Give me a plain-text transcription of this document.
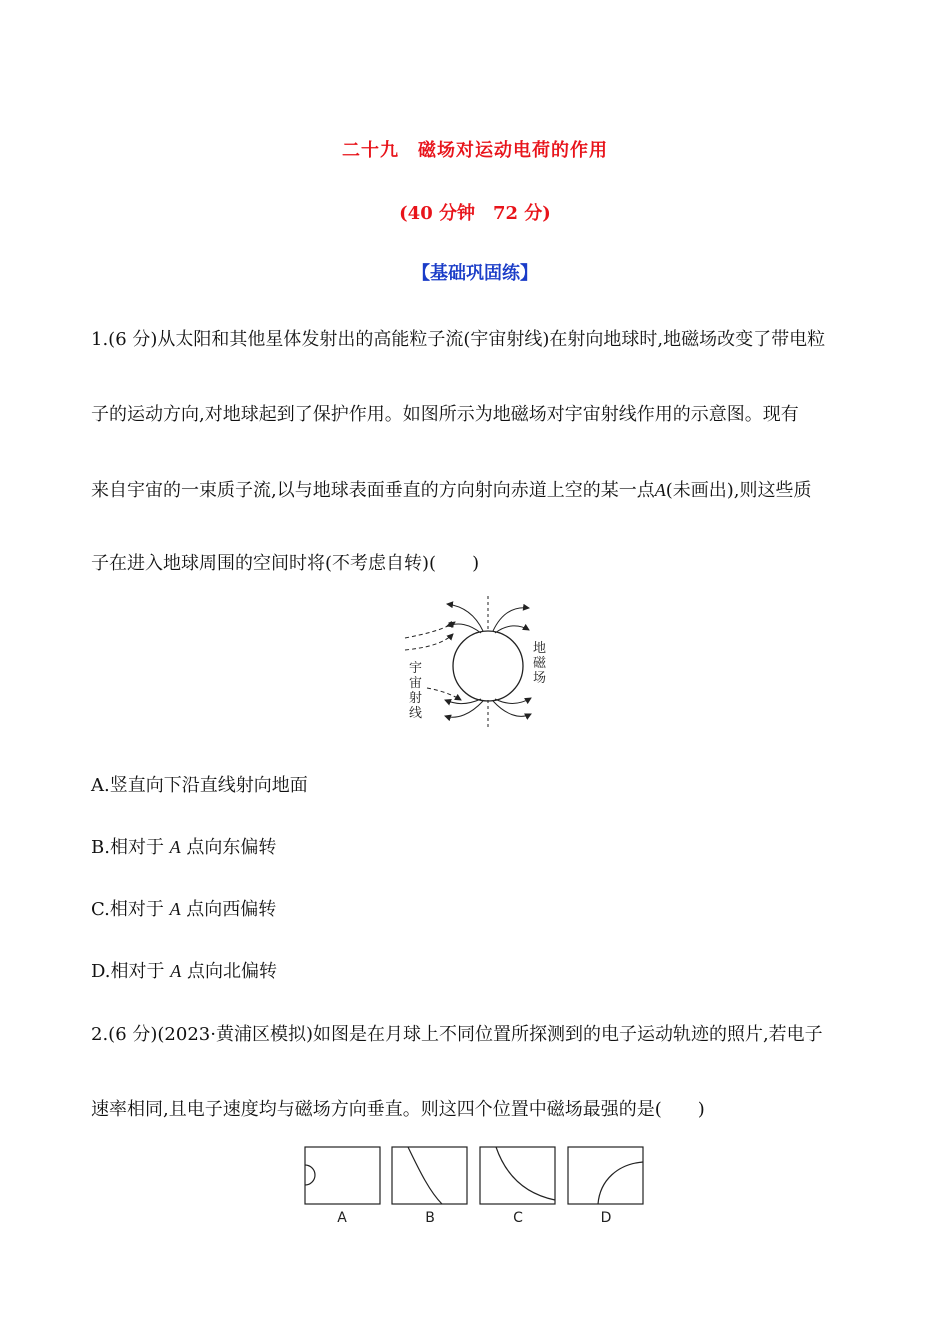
二十九　磁场对运动电荷的作用
(40 分钟　72 分)
【基础巩固练】
1.(6 分)从太阳和其他星体发射出的高能粒子流(宇宙射线)在射向地球时,地磁场改变了带电粒
子的运动方向,对地球起到了保护作用。如图所示为地磁场对宇宙射线作用的示意图。现有
来自宇宙的一束质子流,以与地球表面垂直的方向射向赤道上空的某一点A(未画出),则这些质
子在进入地球周围的空间时将(不考虑自转)(　　)
宇
宙
射
线
地
磁
场
A.竖直向下沿直线射向地面
B.相对于 A 点向东偏转
C.相对于 A 点向西偏转
D.相对于 A 点向北偏转
2.(6 分)(2023·黄浦区模拟)如图是在月球上不同位置所探测到的电子运动轨迹的照片,若电子
速率相同,且电子速度均与磁场方向垂直。则这四个位置中磁场最强的是(　　)
A	B	C	D
